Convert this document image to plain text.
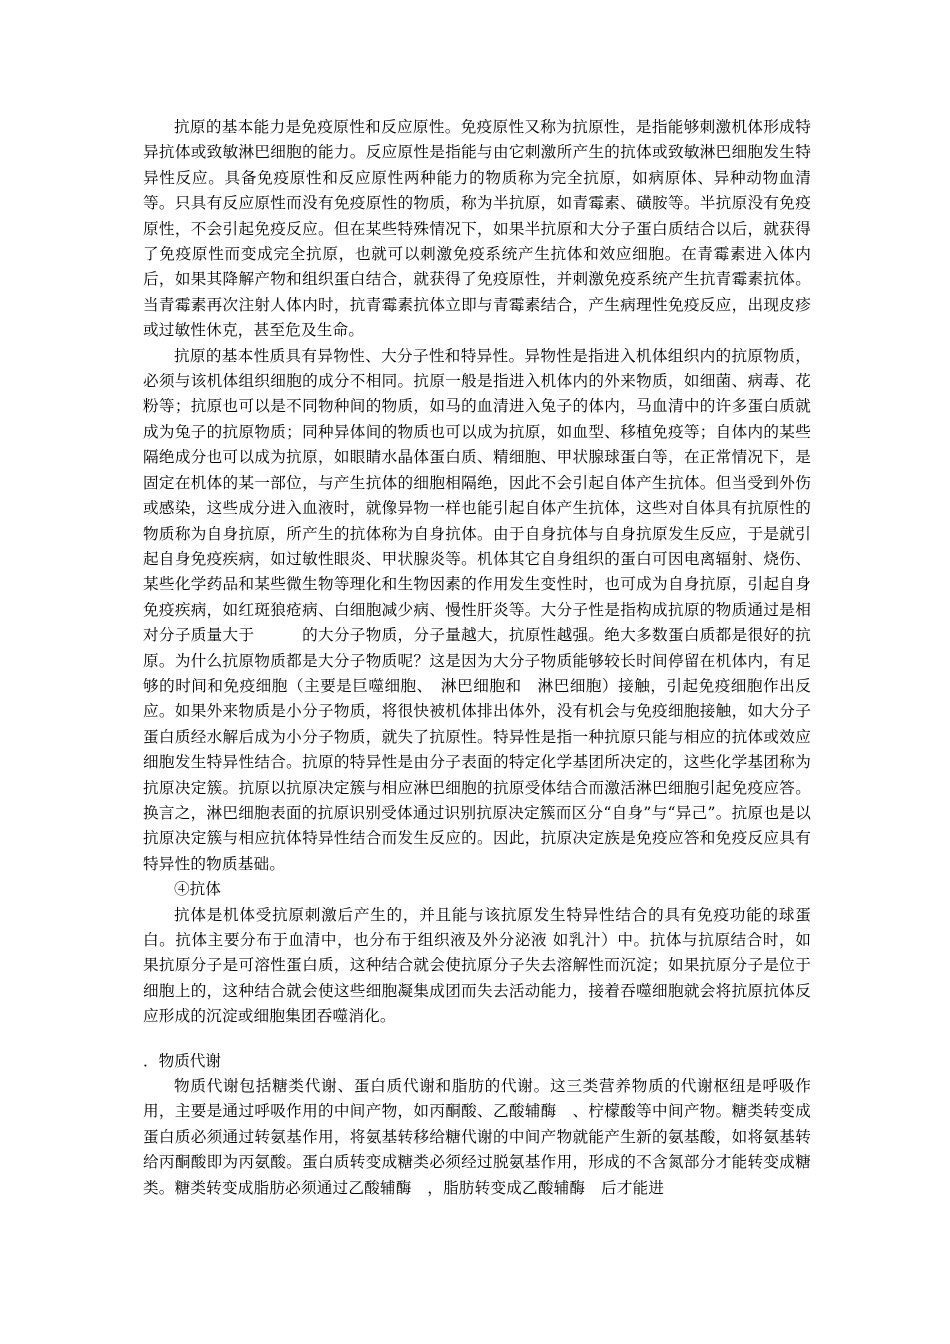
抗原的基本能力是免疫原性和反应原性。免疫原性又称为抗原性，是指能够刺激机体形成特异抗体或致敏淋巴细胞的能力。反应原性是指能与由它刺激所产生的抗体或致敏淋巴细胞发生特异性反应。具备免疫原性和反应原性两种能力的物质称为完全抗原，如病原体、异种动物血清等。只具有反应原性而没有免疫原性的物质，称为半抗原，如青霉素、磺胺等。半抗原没有免疫原性，不会引起免疫反应。但在某些特殊情况下，如果半抗原和大分子蛋白质结合以后，就获得了免疫原性而变成完全抗原，也就可以刺激免疫系统产生抗体和效应细胞。在青霉素进入体内后，如果其降解产物和组织蛋白结合，就获得了免疫原性，并刺激免疫系统产生抗青霉素抗体。当青霉素再次注射人体内时，抗青霉素抗体立即与青霉素结合，产生病理性免疫反应，出现皮疹或过敏性休克，甚至危及生命。

抗原的基本性质具有异物性、大分子性和特异性。异物性是指进入机体组织内的抗原物质，必须与该机体组织细胞的成分不相同。抗原一般是指进入机体内的外来物质，如细菌、病毒、花粉等；抗原也可以是不同物种间的物质，如马的血清进入兔子的体内，马血清中的许多蛋白质就成为兔子的抗原物质；同种异体间的物质也可以成为抗原，如血型、移植免疫等；自体内的某些隔绝成分也可以成为抗原，如眼睛水晶体蛋白质、精细胞、甲状腺球蛋白等，在正常情况下，是固定在机体的某一部位，与产生抗体的细胞相隔绝，因此不会引起自体产生抗体。但当受到外伤或感染，这些成分进入血液时，就像异物一样也能引起自体产生抗体，这些对自体具有抗原性的物质称为自身抗原，所产生的抗体称为自身抗体。由于自身抗体与自身抗原发生反应，于是就引起自身免疫疾病，如过敏性眼炎、甲状腺炎等。机体其它自身组织的蛋白可因电离辐射、烧伤、某些化学药品和某些微生物等理化和生物因素的作用发生变性时，也可成为自身抗原，引起自身免疫疾病，如红斑狼疮病、白细胞减少病、慢性肝炎等。大分子性是指构成抗原的物质通过是相对分子质量大于　　　的大分子物质，分子量越大，抗原性越强。绝大多数蛋白质都是很好的抗原。为什么抗原物质都是大分子物质呢？这是因为大分子物质能够较长时间停留在机体内，有足够的时间和免疫细胞（主要是巨噬细胞、　淋巴细胞和　淋巴细胞）接触，引起免疫细胞作出反应。如果外来物质是小分子物质，将很快被机体排出体外，没有机会与免疫细胞接触，如大分子蛋白质经水解后成为小分子物质，就失了抗原性。特异性是指一种抗原只能与相应的抗体或效应　细胞发生特异性结合。抗原的特异性是由分子表面的特定化学基团所决定的，这些化学基团称为抗原决定簇。抗原以抗原决定簇与相应淋巴细胞的抗原受体结合而激活淋巴细胞引起免疫应答。换言之，淋巴细胞表面的抗原识别受体通过识别抗原决定簇而区分“自身”与“异己”。抗原也是以抗原决定簇与相应抗体特异性结合而发生反应的。因此，抗原决定族是免疫应答和免疫反应具有特异性的物质基础。

④抗体

抗体是机体受抗原刺激后产生的，并且能与该抗原发生特异性结合的具有免疫功能的球蛋白。抗体主要分布于血清中，也分布于组织液及外分泌液 如乳汁）中。抗体与抗原结合时，如果抗原分子是可溶性蛋白质，这种结合就会使抗原分子失去溶解性而沉淀；如果抗原分子是位于细胞上的，这种结合就会使这些细胞凝集成团而失去活动能力，接着吞噬细胞就会将抗原抗体反应形成的沉淀或细胞集团吞噬消化。

．物质代谢

物质代谢包括糖类代谢、蛋白质代谢和脂肪的代谢。这三类营养物质的代谢枢纽是呼吸作用，主要是通过呼吸作用的中间产物，如丙酮酸、乙酸辅酶　、柠檬酸等中间产物。糖类转变成蛋白质必须通过转氨基作用，将氨基转移给糖代谢的中间产物就能产生新的氨基酸，如将氨基转给丙酮酸即为丙氨酸。蛋白质转变成糖类必须经过脱氨基作用，形成的不含氮部分才能转变成糖类。糖类转变成脂肪必须通过乙酸辅酶　，脂肪转变成乙酸辅酶　后才能进
